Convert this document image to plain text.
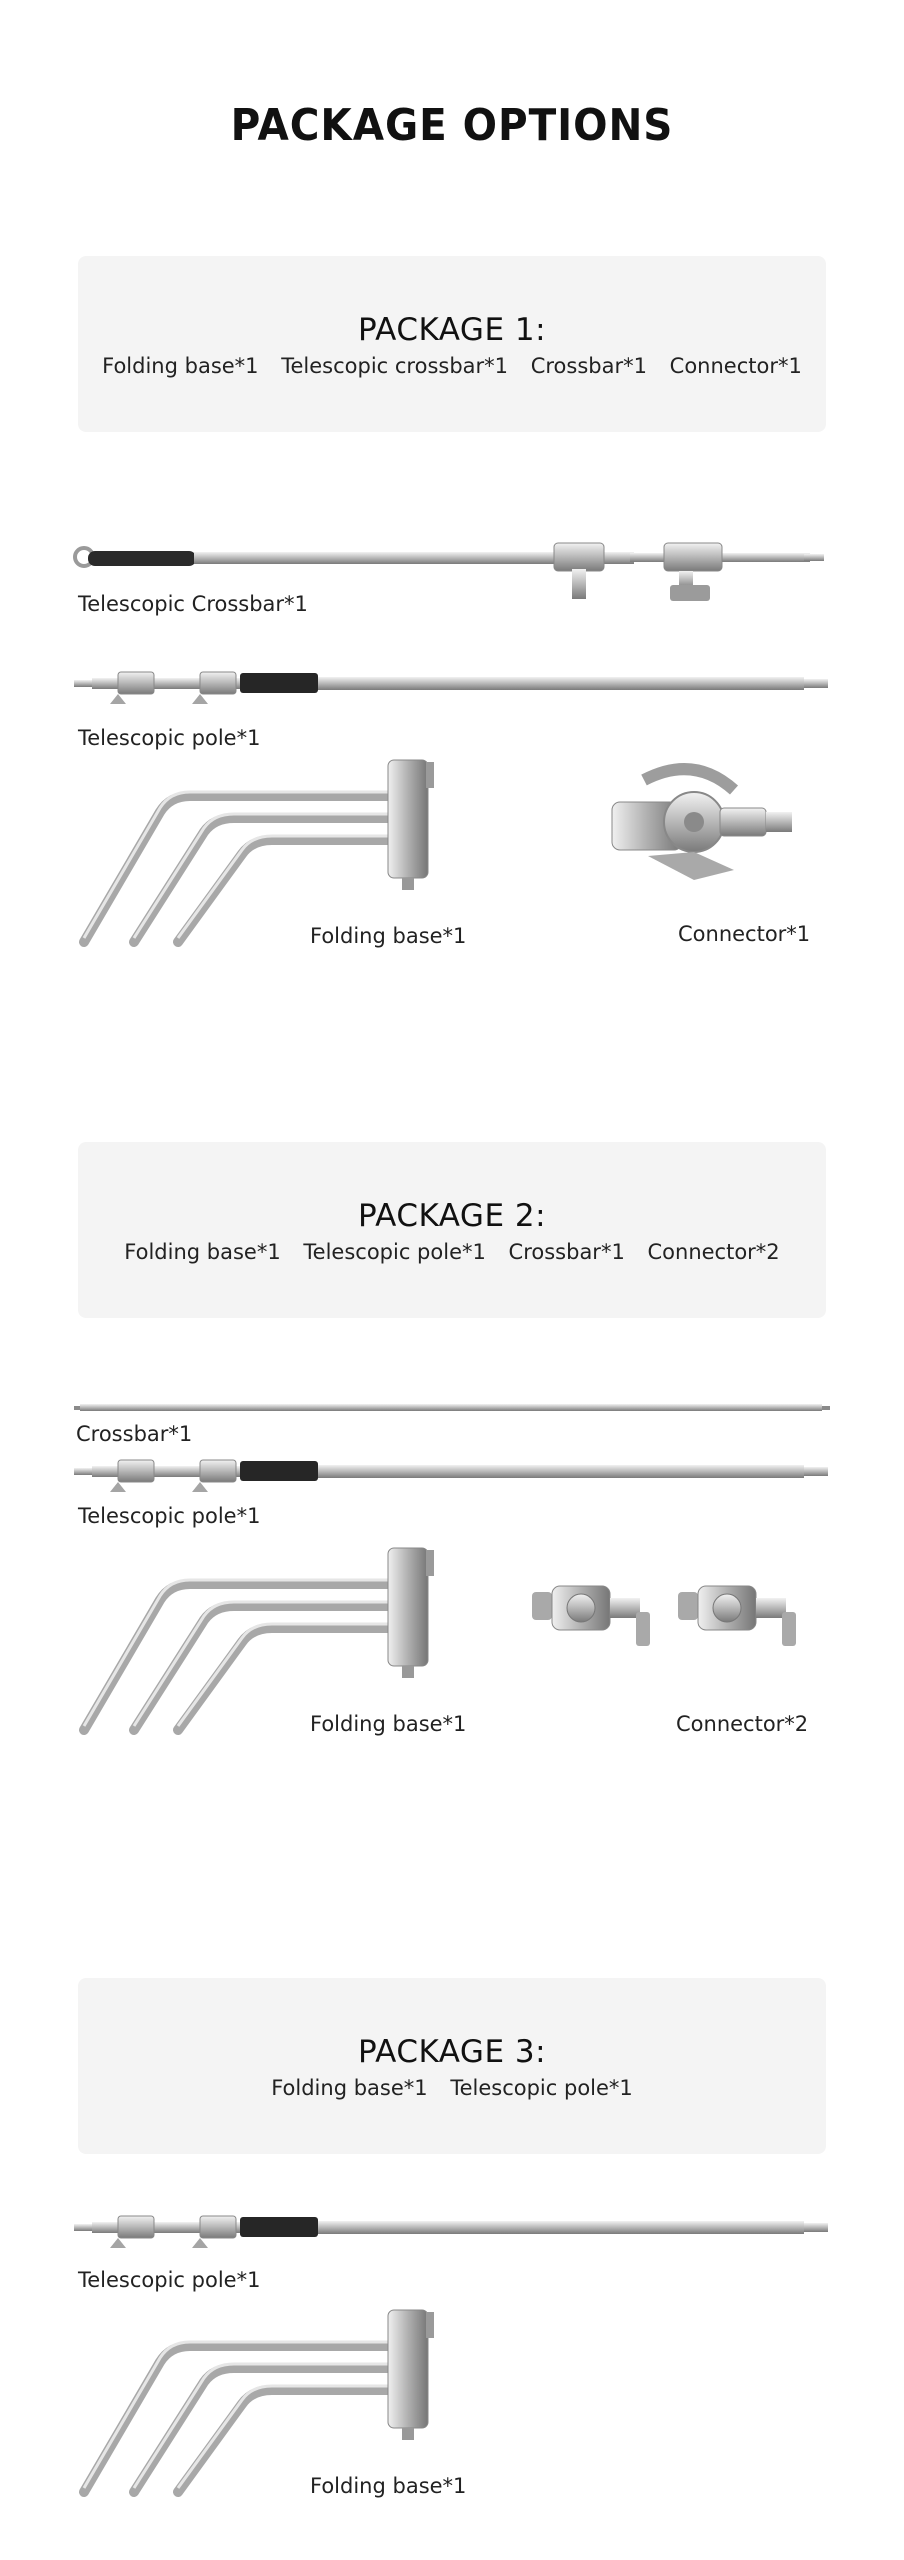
PACKAGE OPTIONS
PACKAGE 1:
Folding base*1 Telescopic crossbar*1 Crossbar*1 Connector*1
Telescopic Crossbar*1
Telescopic pole*1
Folding base*1	Connector*1
PACKAGE 2:
Folding base*1 Telescopic pole*1 Crossbar*1 Connector*2
Crossbar*1
Telescopic pole*1
Folding base*1	Connector*2
PACKAGE 3:
Folding base*1 Telescopic pole*1
Telescopic pole*1
Folding base*1
